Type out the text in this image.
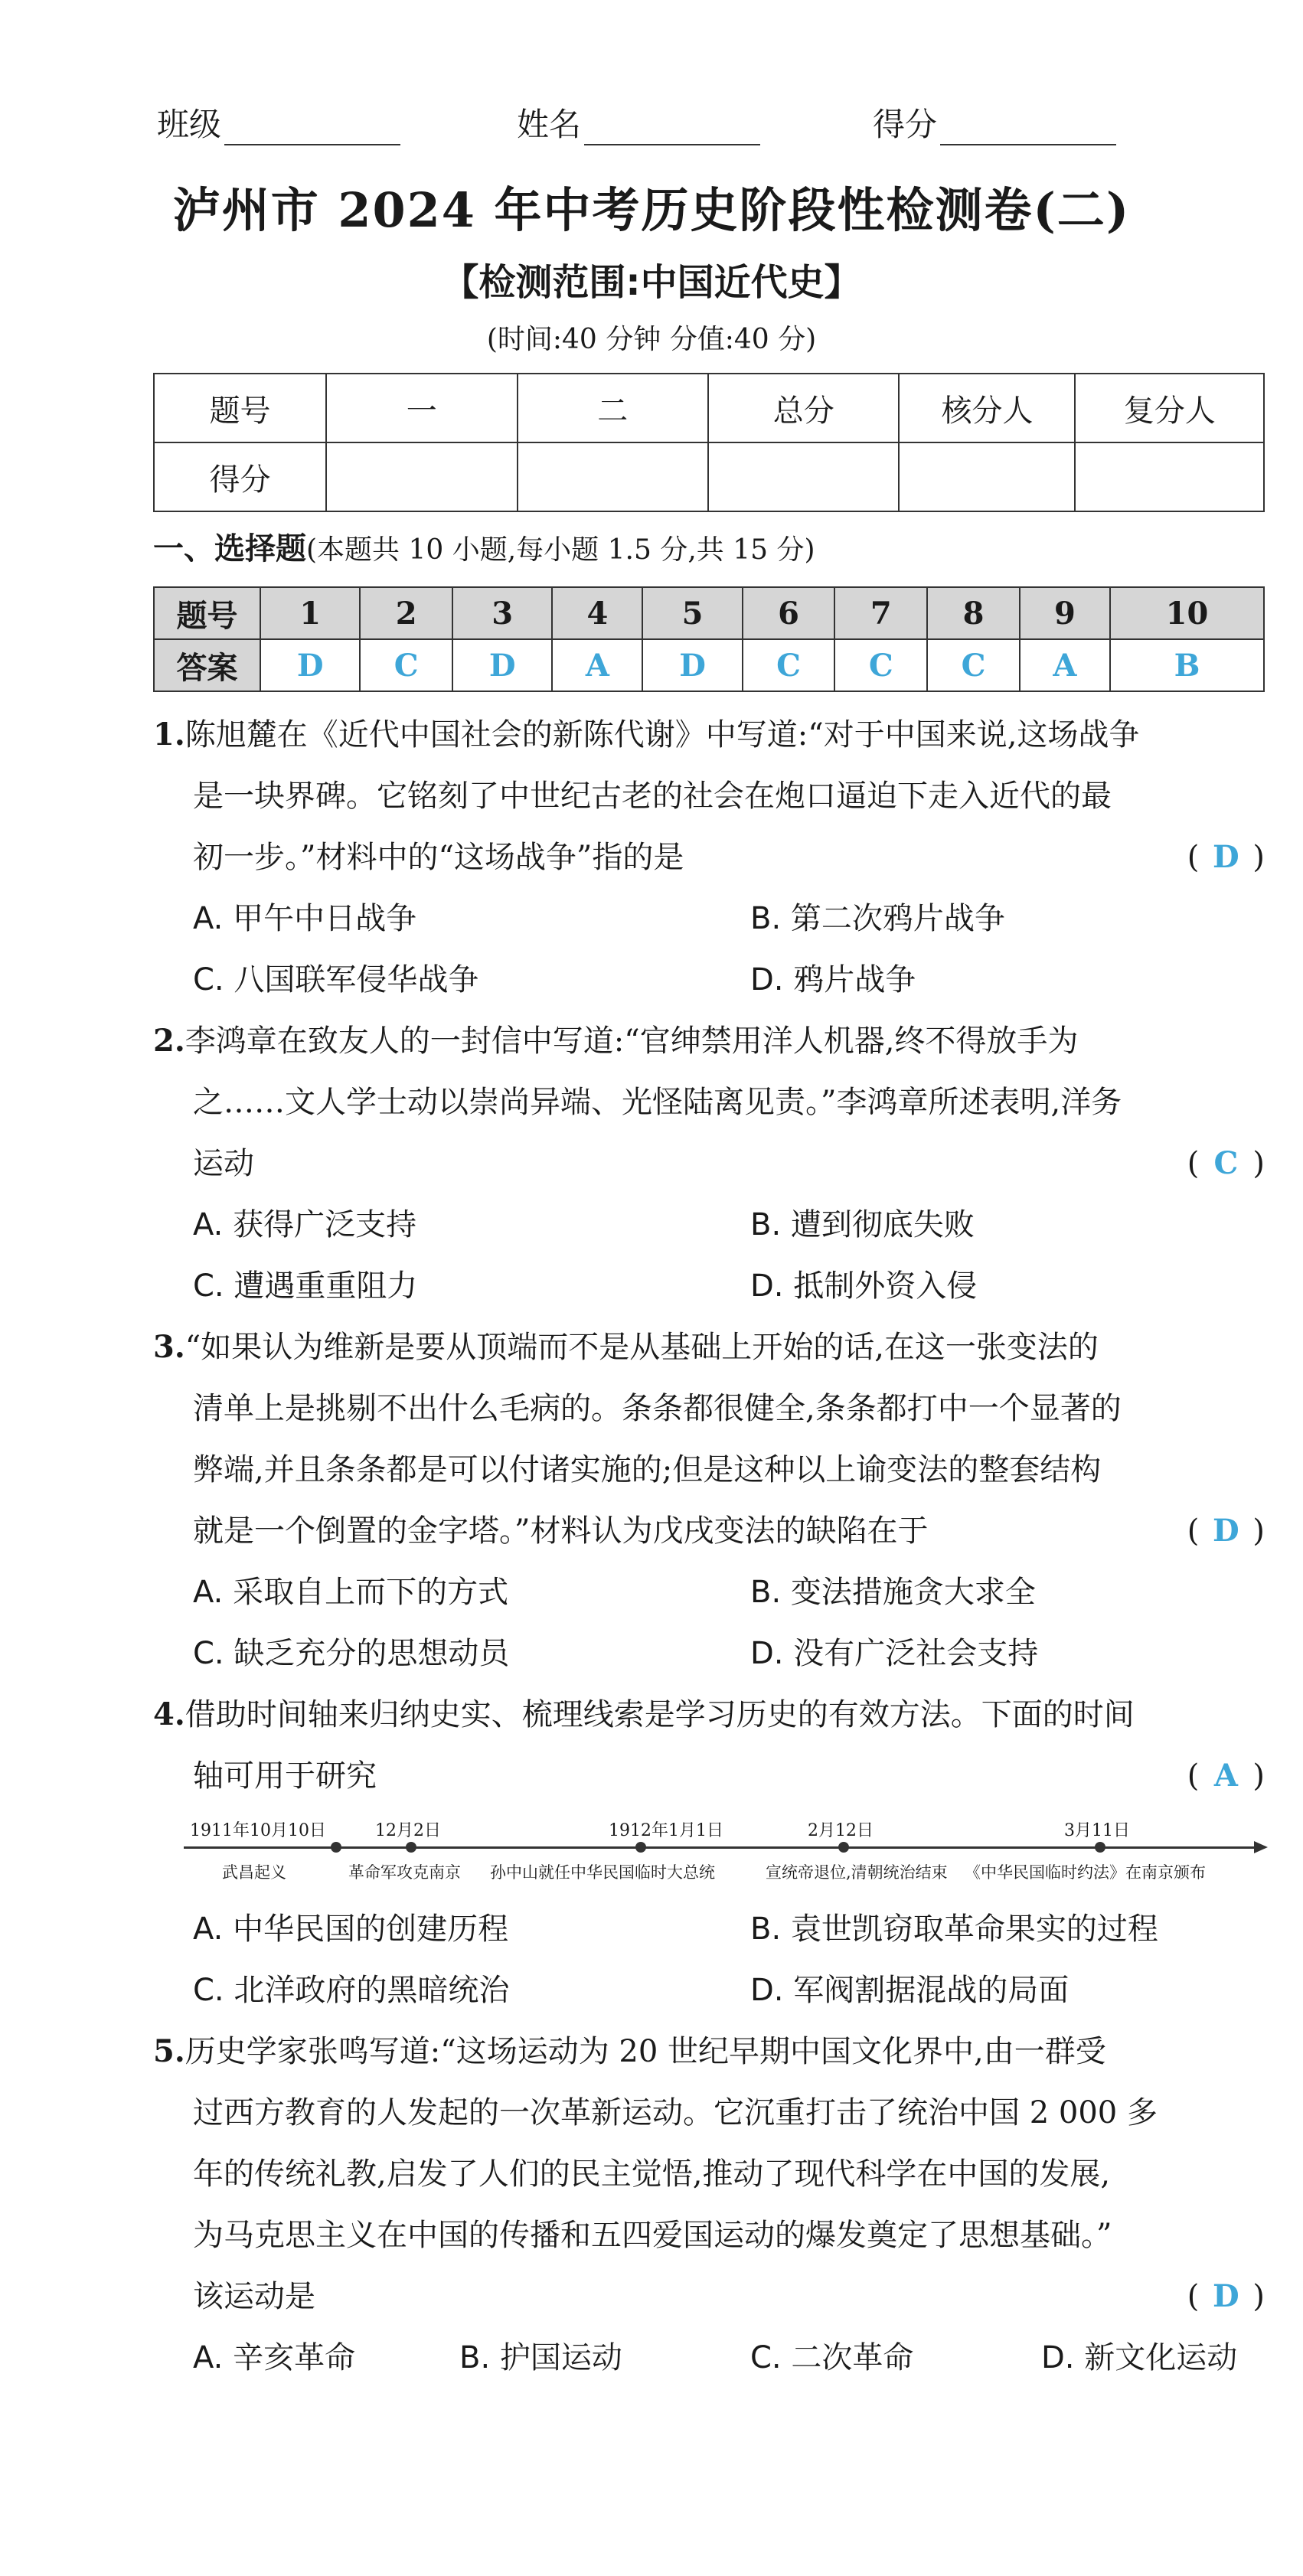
班级	姓名	得分
泸州市 2024 年中考历史阶段性检测卷(二)
【检测范围:中国近代史】
(时间:40 分钟 分值:40 分)
题号	一	二	总分	核分人	复分人
得分					
一、选择题(本题共 10 小题,每小题 1.5 分,共 15 分)
题号	1	2	3	4	5	6	7	8	9	10
答案	D	C	D	A	D	C	C	C	A	B
1.陈旭麓在《近代中国社会的新陈代谢》中写道:“对于中国来说,这场战争
是一块界碑。它铭刻了中世纪古老的社会在炮口逼迫下走入近代的最
初一步。”材料中的“这场战争”指的是	( D )
A. 甲午中日战争	B. 第二次鸦片战争
C. 八国联军侵华战争	D. 鸦片战争
2.李鸿章在致友人的一封信中写道:“官绅禁用洋人机器,终不得放手为
之……文人学士动以崇尚异端、光怪陆离见责。”李鸿章所述表明,洋务
运动	( C )
A. 获得广泛支持	B. 遭到彻底失败
C. 遭遇重重阻力	D. 抵制外资入侵
3.“如果认为维新是要从顶端而不是从基础上开始的话,在这一张变法的
清单上是挑剔不出什么毛病的。条条都很健全,条条都打中一个显著的
弊端,并且条条都是可以付诸实施的;但是这种以上谕变法的整套结构
就是一个倒置的金字塔。”材料认为戊戌变法的缺陷在于	( D )
A. 采取自上而下的方式	B. 变法措施贪大求全
C. 缺乏充分的思想动员	D. 没有广泛社会支持
4.借助时间轴来归纳史实、梳理线索是学习历史的有效方法。下面的时间
轴可用于研究	( A )
1911年10月10日	12月2日	1912年1月1日	2月12日	3月11日
武昌起义	革命军攻克南京 孙中山就任中华民国临时大总统	宣统帝退位,清朝统治结束 《中华民国临时约法》在南京颁布
A. 中华民国的创建历程	B. 袁世凯窃取革命果实的过程
C. 北洋政府的黑暗统治	D. 军阀割据混战的局面
5.历史学家张鸣写道:“这场运动为 20 世纪早期中国文化界中,由一群受
过西方教育的人发起的一次革新运动。它沉重打击了统治中国 2 000 多
年的传统礼教,启发了人们的民主觉悟,推动了现代科学在中国的发展,
为马克思主义在中国的传播和五四爱国运动的爆发奠定了思想基础。”
该运动是	( D )
A. 辛亥革命	B. 护国运动	C. 二次革命	D. 新文化运动
